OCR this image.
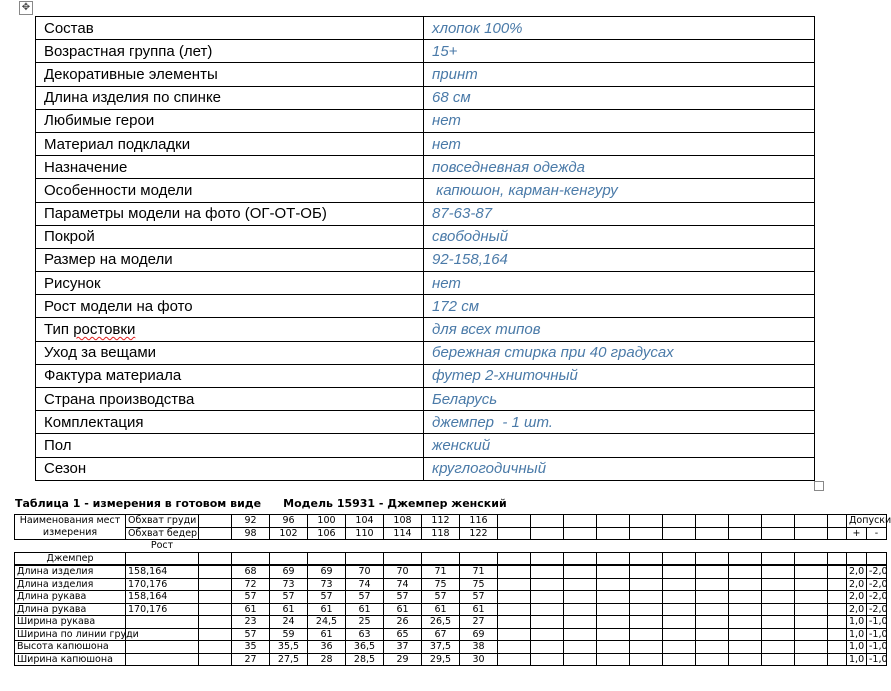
✥
Состав	хлопок 100%
Возрастная группа (лет)	15+
Декоративные элементы	принт
Длина изделия по спинке	68 см
Любимые герои	нет
Материал подкладки	нет
Назначение	повседневная одежда
Особенности модели	капюшон, карман-кенгуру
Параметры модели на фото (ОГ-ОТ-ОБ)	87-63-87
Покрой	свободный
Размер на модели	92-158,164
Рисунок	нет
Рост модели на фото	172 см
Тип ростовки	для всех типов
Уход за вещами	бережная стирка при 40 градусах
Фактура материала	футер 2-хниточный
Страна производства	Беларусь
Комплектация	джемпер  - 1 шт.
Пол	женский
Сезон	круглогодичный
Таблица 1 - измерения в готовом виде Модель 15931 - Джемпер женский
Наименования мест измерения	Обхват груди		92	96	100	104	108	112	116												Допуски	
	Обхват бедер		98	102	106	110	114	118	122												+	-
	Рост																					
Джемпер																						
Длина изделия	158,164		68	69	69	70	70	71	71												2,0	-2,0
Длина изделия	170,176		72	73	73	74	74	75	75												2,0	-2,0
Длина рукава	158,164		57	57	57	57	57	57	57												2,0	-2,0
Длина рукава	170,176		61	61	61	61	61	61	61												2,0	-2,0
Ширина рукава			23	24	24,5	25	26	26,5	27												1,0	-1,0
Ширина по линии груди			57	59	61	63	65	67	69												1,0	-1,0
Высота капюшона			35	35,5	36	36,5	37	37,5	38												1,0	-1,0
Ширина капюшона			27	27,5	28	28,5	29	29,5	30												1,0	-1,0
